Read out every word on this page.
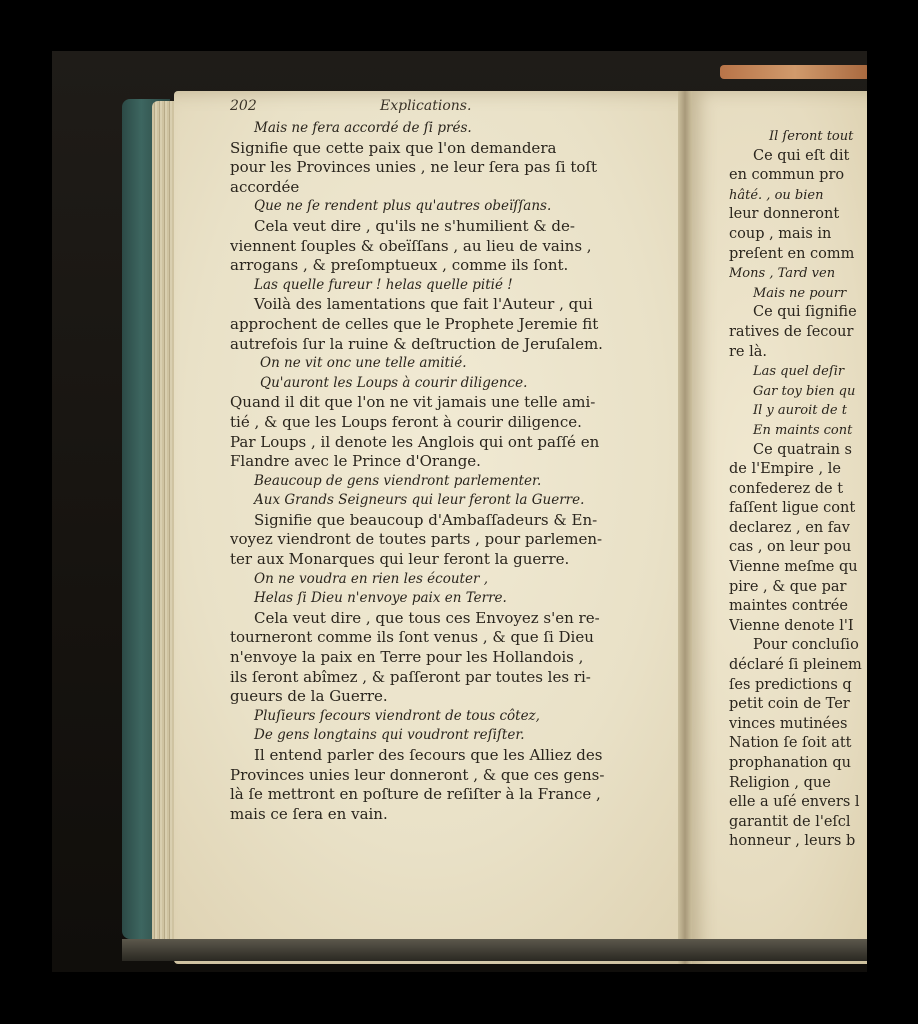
202	Explications.
Mais ne fera accordé de ſi prés.
Signifie que cette paix que l'on demandera
pour les Provinces unies , ne leur ſera pas ſi toſt
accordée
Que ne ſe rendent plus qu'autres obeïſſans.
Cela veut dire , qu'ils ne s'humilient & de-
viennent ſouples & obeïſſans , au lieu de vains ,
arrogans , & preſomptueux , comme ils ſont.
Las quelle fureur ! helas quelle pitié !
Voilà des lamentations que fait l'Auteur , qui
approchent de celles que le Prophete Jeremie fit
autrefois ſur la ruine & deſtruction de Jeruſalem.
On ne vit onc une telle amitié.
Qu'auront les Loups à courir diligence.
Quand il dit que l'on ne vit jamais une telle ami-
tié , & que les Loups feront à courir diligence.
Par Loups , il denote les Anglois qui ont paſſé en
Flandre avec le Prince d'Orange.
Beaucoup de gens viendront parlementer.
Aux Grands Seigneurs qui leur feront la Guerre.
Signifie que beaucoup d'Ambaſſadeurs & En-
voyez viendront de toutes parts , pour parlemen-
ter aux Monarques qui leur feront la guerre.
On ne voudra en rien les écouter ,
Helas ſi Dieu n'envoye paix en Terre.
Cela veut dire , que tous ces Envoyez s'en re-
tourneront comme ils ſont venus , & que ſi Dieu
n'envoye la paix en Terre pour les Hollandois ,
ils ſeront abîmez , & paſſeront par toutes les ri-
gueurs de la Guerre.
Pluſieurs ſecours viendront de tous côtez,
De gens longtains qui voudront reſiſter.
Il entend parler des ſecours que les Alliez des
Provinces unies leur donneront , & que ces gens-
là ſe mettront en poſture de reſiſter à la France ,
mais ce ſera en vain.
Il ſeront tout
Ce qui eſt dit
en commun pro
hâté. , ou bien
leur donneront
coup , mais in
preſent en comm
Mons , Tard ven
Mais ne pourr
Ce qui ſignifie
ratives de ſecour
re là.
Las quel deſir
Gar toy bien qu
Il y auroit de t
En maints cont
Ce quatrain s
de l'Empire , le
confederez de t
faſſent ligue cont
declarez , en fav
cas , on leur pou
Vienne meſme qu
pire , & que par
maintes contrée
Vienne denote l'I
Pour concluſio
déclaré ſi pleinem
ſes predictions q
petit coin de Ter
vinces mutinées
Nation ſe ſoit att
prophanation qu
Religion , que
elle a uſé envers l
garantit de l'eſcl
honneur , leurs b
